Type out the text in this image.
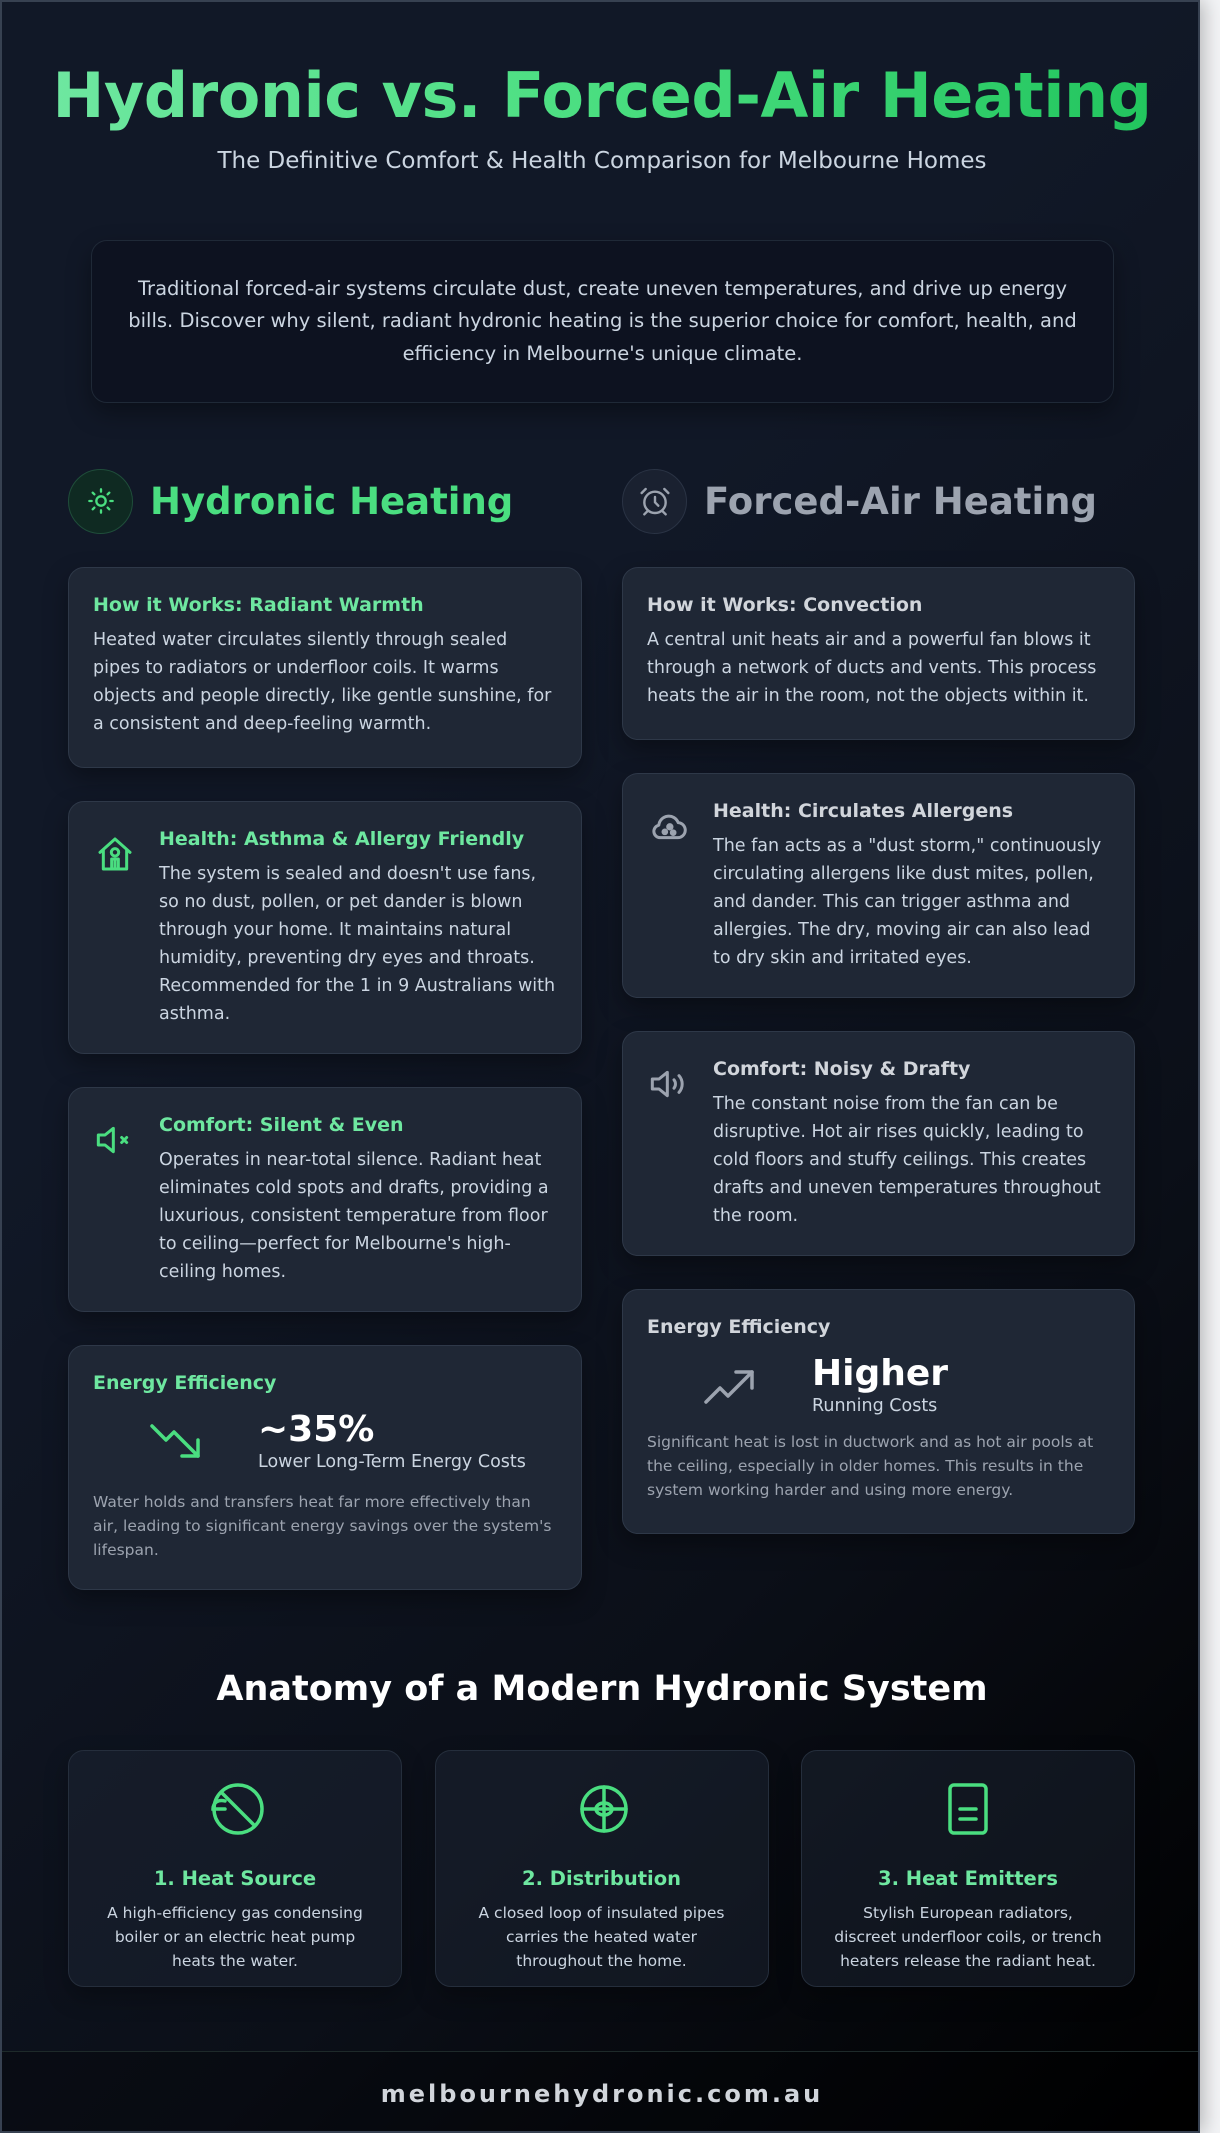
Hydronic vs. Forced-Air Heating
The Definitive Comfort & Health Comparison for Melbourne Homes

Traditional forced-air systems circulate dust, create uneven temperatures, and drive up energy bills. Discover why silent, radiant hydronic heating is the superior choice for comfort, health, and efficiency in Melbourne's unique climate.

Hydronic Heating
How it Works: Radiant Warmth

Heated water circulates silently through sealed pipes to radiators or underfloor coils. It warms objects and people directly, like gentle sunshine, for a consistent and deep-feeling warmth.

Health: Asthma & Allergy Friendly

The system is sealed and doesn't use fans, so no dust, pollen, or pet dander is blown through your home. It maintains natural humidity, preventing dry eyes and throats. Recommended for the 1 in 9 Australians with asthma.

Comfort: Silent & Even

Operates in near-total silence. Radiant heat eliminates cold spots and drafts, providing a luxurious, consistent temperature from floor to ceiling—perfect for Melbourne's high-ceiling homes.

Energy Efficiency
~35%
Lower Long-Term Energy Costs

Water holds and transfers heat far more effectively than air, leading to significant energy savings over the system's lifespan.

Forced-Air Heating
How it Works: Convection

A central unit heats air and a powerful fan blows it through a network of ducts and vents. This process heats the air in the room, not the objects within it.

Health: Circulates Allergens

The fan acts as a "dust storm," continuously circulating allergens like dust mites, pollen, and dander. This can trigger asthma and allergies. The dry, moving air can also lead to dry skin and irritated eyes.

Comfort: Noisy & Drafty

The constant noise from the fan can be disruptive. Hot air rises quickly, leading to cold floors and stuffy ceilings. This creates drafts and uneven temperatures throughout the room.

Energy Efficiency
Higher
Running Costs

Significant heat is lost in ductwork and as hot air pools at the ceiling, especially in older homes. This results in the system working harder and using more energy.

Anatomy of a Modern Hydronic System
1. Heat Source

A high-efficiency gas condensing boiler or an electric heat pump heats the water.

2. Distribution

A closed loop of insulated pipes carries the heated water throughout the home.

3. Heat Emitters

Stylish European radiators, discreet underfloor coils, or trench heaters release the radiant heat.

melbournehydronic.com.au
